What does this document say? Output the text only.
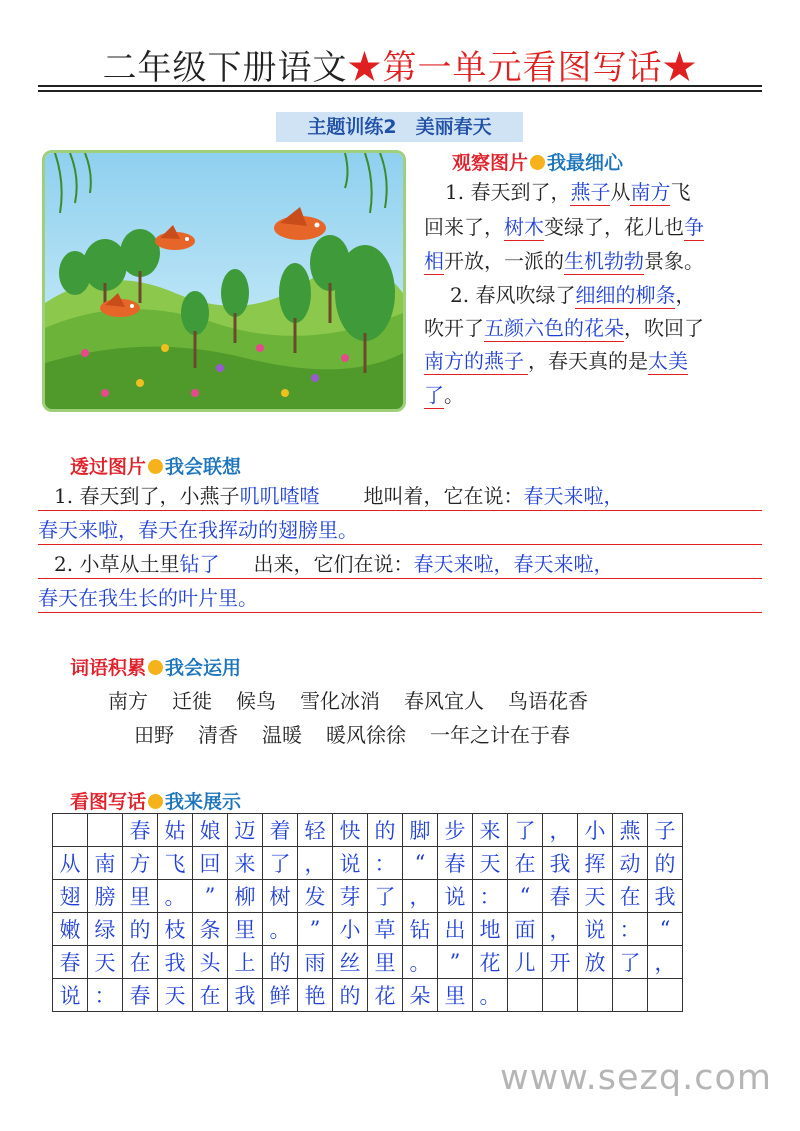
二年级下册语文★第一单元看图写话★
主题训练2　美丽春天
观察图片 我最细心
1. 春天到了，燕子从南方飞
回来了，树木变绿了，花儿也争
相开放，一派的生机勃勃景象。
2. 春风吹绿了细细的柳条，
吹开了五颜六色的花朵，吹回了
南方的燕子 ，春天真的是太美
了。
透过图片 我会联想
1. 春天到了，小燕子叽叽喳喳 地叫着，它在说：春天来啦，
春天来啦，春天在我挥动的翅膀里。
2. 小草从土里钻了 出来，它们在说：春天来啦，春天来啦，
春天在我生长的叶片里。
词语积累 我会运用
南方 迁徙 候鸟 雪化冰消 春风宜人 鸟语花香
田野 清香 温暖 暖风徐徐 一年之计在于春
看图写话 我来展示
		春	姑	娘	迈	着	轻	快	的	脚	步	来	了	，	小	燕	子
从	南	方	飞	回	来	了	，	说	：	“	春	天	在	我	挥	动	的
翅	膀	里	。	”	柳	树	发	芽	了	，	说	：	“	春	天	在	我
嫩	绿	的	枝	条	里	。	”	小	草	钻	出	地	面	，	说	：	“
春	天	在	我	头	上	的	雨	丝	里	。	”	花	儿	开	放	了	，
说	：	春	天	在	我	鲜	艳	的	花	朵	里	。					
www.sezq.com
